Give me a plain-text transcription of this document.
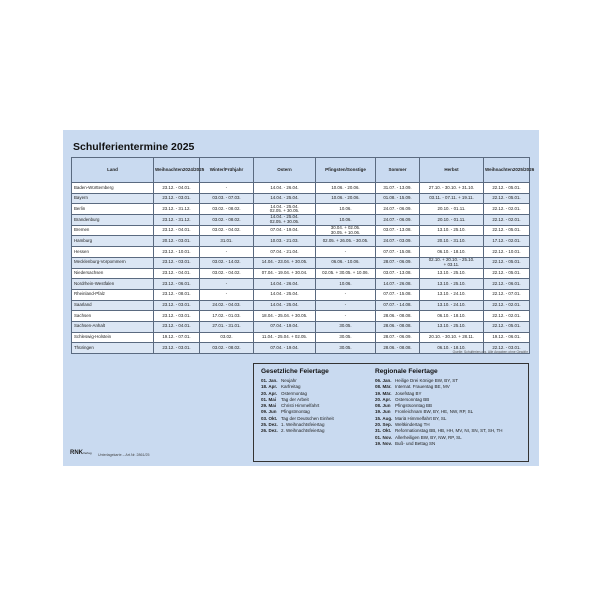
Schulferientermine 2025
Land	Weihnachten2024/2025	Winter/Frühjahr	Ostern	Pfingsten/Sonstige	Sommer	Herbst	Weihnachten2025/2026

Baden-Württemberg	23.12. - 04.01.	-	14.04. - 26.04.	10.06. - 20.06.	31.07. - 13.09.	27.10. - 30.10. + 31.10.	22.12. - 05.01.

Bayern	23.12. - 03.01.	03.03. - 07.03.	14.04. - 25.04.	10.06. - 20.06.	01.08. - 15.09.	03.11. - 07.11. + 19.11.	22.12. - 05.01.

Berlin	23.12. - 31.12.	03.02. - 08.02.	14.04. - 25.04.
02.05. + 30.05.	10.06.	24.07. - 06.09.	20.10. - 01.11.	22.12. - 02.01.

Brandenburg	23.12. - 31.12.	03.02. - 08.02.	14.04. - 25.04.
02.05. + 30.05.	10.06.	24.07. - 06.09.	20.10. - 01.11.	22.12. - 02.01.

Bremen	23.12. - 04.01.	03.02. - 04.02.	07.04. - 19.04.	30.04. + 02.05.
30.05. + 10.06.	03.07. - 13.08.	13.10. - 25.10.	22.12. - 05.01.

Hamburg	20.12. - 03.01.	31.01.	10.03. - 21.03.	02.05. + 26.05. - 30.05.	24.07. - 03.09.	20.10. - 31.10.	17.12. - 02.01.

Hessen	23.12. - 10.01.	-	07.04. - 21.04.	-	07.07. - 15.08.	06.10. - 18.10.	22.12. - 10.01.

Mecklenburg-Vorpommern	23.12. - 03.01.	03.02. - 14.02.	14.04. - 23.04. + 30.05.	06.06. - 10.06.	28.07. - 06.09.	02.10. + 20.10. - 25.10.
+ 03.11.	22.12. - 05.01.

Niedersachsen	23.12. - 04.01.	03.02. - 04.02.	07.04. - 19.04. + 30.04.	02.05. + 30.05. + 10.06.	03.07. - 13.08.	13.10. - 25.10.	22.12. - 05.01.

Nordrhein-Westfalen	23.12. - 06.01.	-	14.04. - 26.04.	10.06.	14.07. - 26.08.	13.10. - 25.10.	22.12. - 06.01.

Rheinland-Pfalz	23.12. - 08.01.	-	14.04. - 25.04.	-	07.07. - 15.08.	13.10. - 24.10.	22.12. - 07.01.

Saarland	23.12. - 03.01.	24.02. - 04.03.	14.04. - 25.04.	-	07.07. - 14.08.	13.10. - 24.10.	22.12. - 02.01.

Sachsen	23.12. - 03.01.	17.02. - 01.03.	18.04. - 25.04. + 30.05.	-	28.06. - 08.08.	06.10. - 18.10.	22.12. - 02.01.

Sachsen-Anhalt	23.12. - 04.01.	27.01. - 31.01.	07.04. - 19.04.	30.05.	28.06. - 08.08.	13.10. - 25.10.	22.12. - 05.01.

Schleswig-Holstein	19.12. - 07.01.	03.02.	11.04. - 25.04. + 02.05.	30.05.	28.07. - 06.09.	20.10. - 30.10. + 28.11.	19.12. - 06.01.

Thüringen	23.12. - 03.01.	03.02. - 08.02.	07.04. - 19.04.	30.05.	28.06. - 08.08.	06.10. - 18.10.	22.12. - 03.01.
Quelle: Schulferien.org, Alle Angaben ohne Gewähr
Gesetzliche Feiertage
01. Jan. Neujahr
18. Apr. Karfreitag
20. Apr. Ostermontag
01. Mai	Tag der Arbeit
29. Mai	Christi Himmelfahrt
09. Jun Pfingstmontag
03. Okt. Tag der Deutschen Einheit
25. Dez. 1. Weihnachtsfeiertag
26. Dez. 2. Weihnachtsfeiertag
Regionale Feiertage
06. Jan. Heilige Drei Könige BW, BY, ST
08. Mär. Internat. Frauentag BE, MV
19. Mär. Josefstag BY
20. Apr. Ostersonntag BB
08. Jun Pfingstsonntag BB
19. Jun Fronleichnam BW, BY, HE, NW, RP, SL
15. Aug. Mariä Himmelfahrt BY, SL
20. Sep. Weltkindertag TH
31. Okt. Reformationstag BB, HB, HH, MV, NI, SN, ST, SH, TH
01. Nov. Allerheiligen BW, BY, NW, RP, SL
19. Nov. Buß- und Bettag SN
RNKVerlag Unterlagekarte – Art.Nr. 2861/25
